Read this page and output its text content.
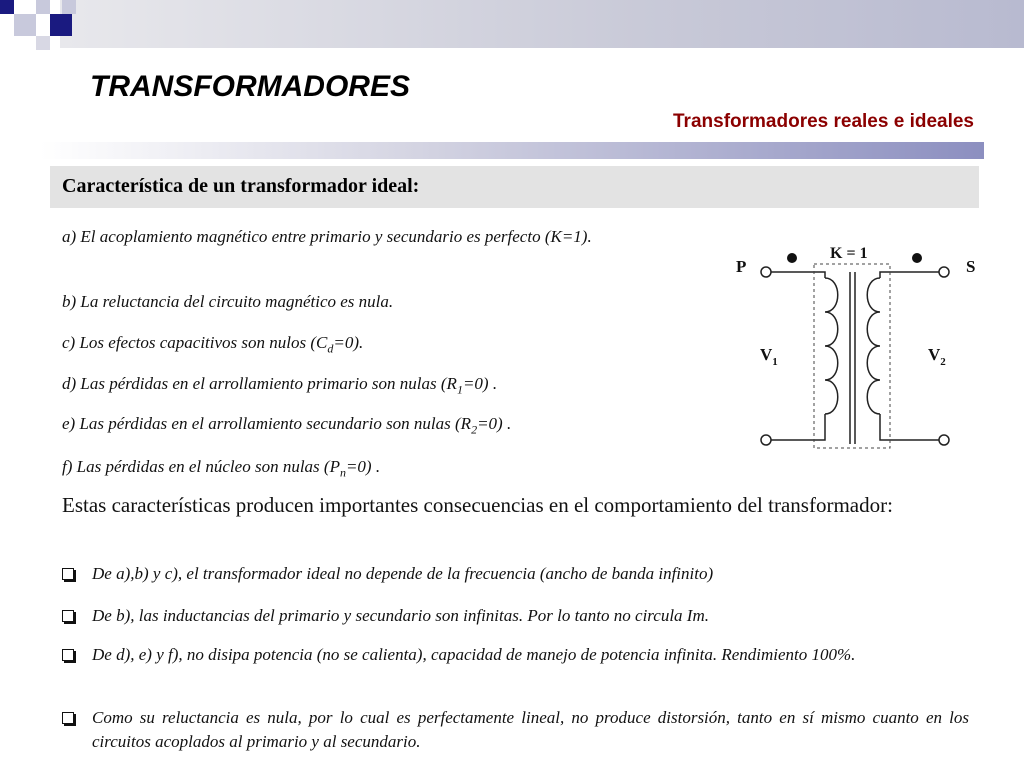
TRANSFORMADORES
Transformadores reales e ideales
Característica de un transformador ideal:
a) El acoplamiento magnético entre primario y secundario es perfecto (K=1).
b) La reluctancia del circuito magnético es nula.
c) Los efectos capacitivos son nulos $(C_d=0)$.
d) Las pérdidas en el arrollamiento primario son nulas $(R_1=0)$ .
e) Las pérdidas en el arrollamiento secundario son nulas $(R_2=0)$ .
f) Las pérdidas en el núcleo son nulas $(P_n=0)$ .
K = 1
P	S
$V_1$	$V_2$
Estas características producen importantes consecuencias en el comportamiento del transformador:
De a),b) y c), el transformador ideal no depende de la frecuencia (ancho de banda infinito)
De b), las inductancias del primario y secundario son infinitas. Por lo tanto no circula Im.
De d), e) y f), no disipa potencia (no se calienta), capacidad de manejo de potencia infinita. Rendimiento 100%.
Como su reluctancia es nula, por lo cual es perfectamente lineal, no produce distorsión, tanto en sí mismo cuanto en los circuitos acoplados al primario y al secundario.
